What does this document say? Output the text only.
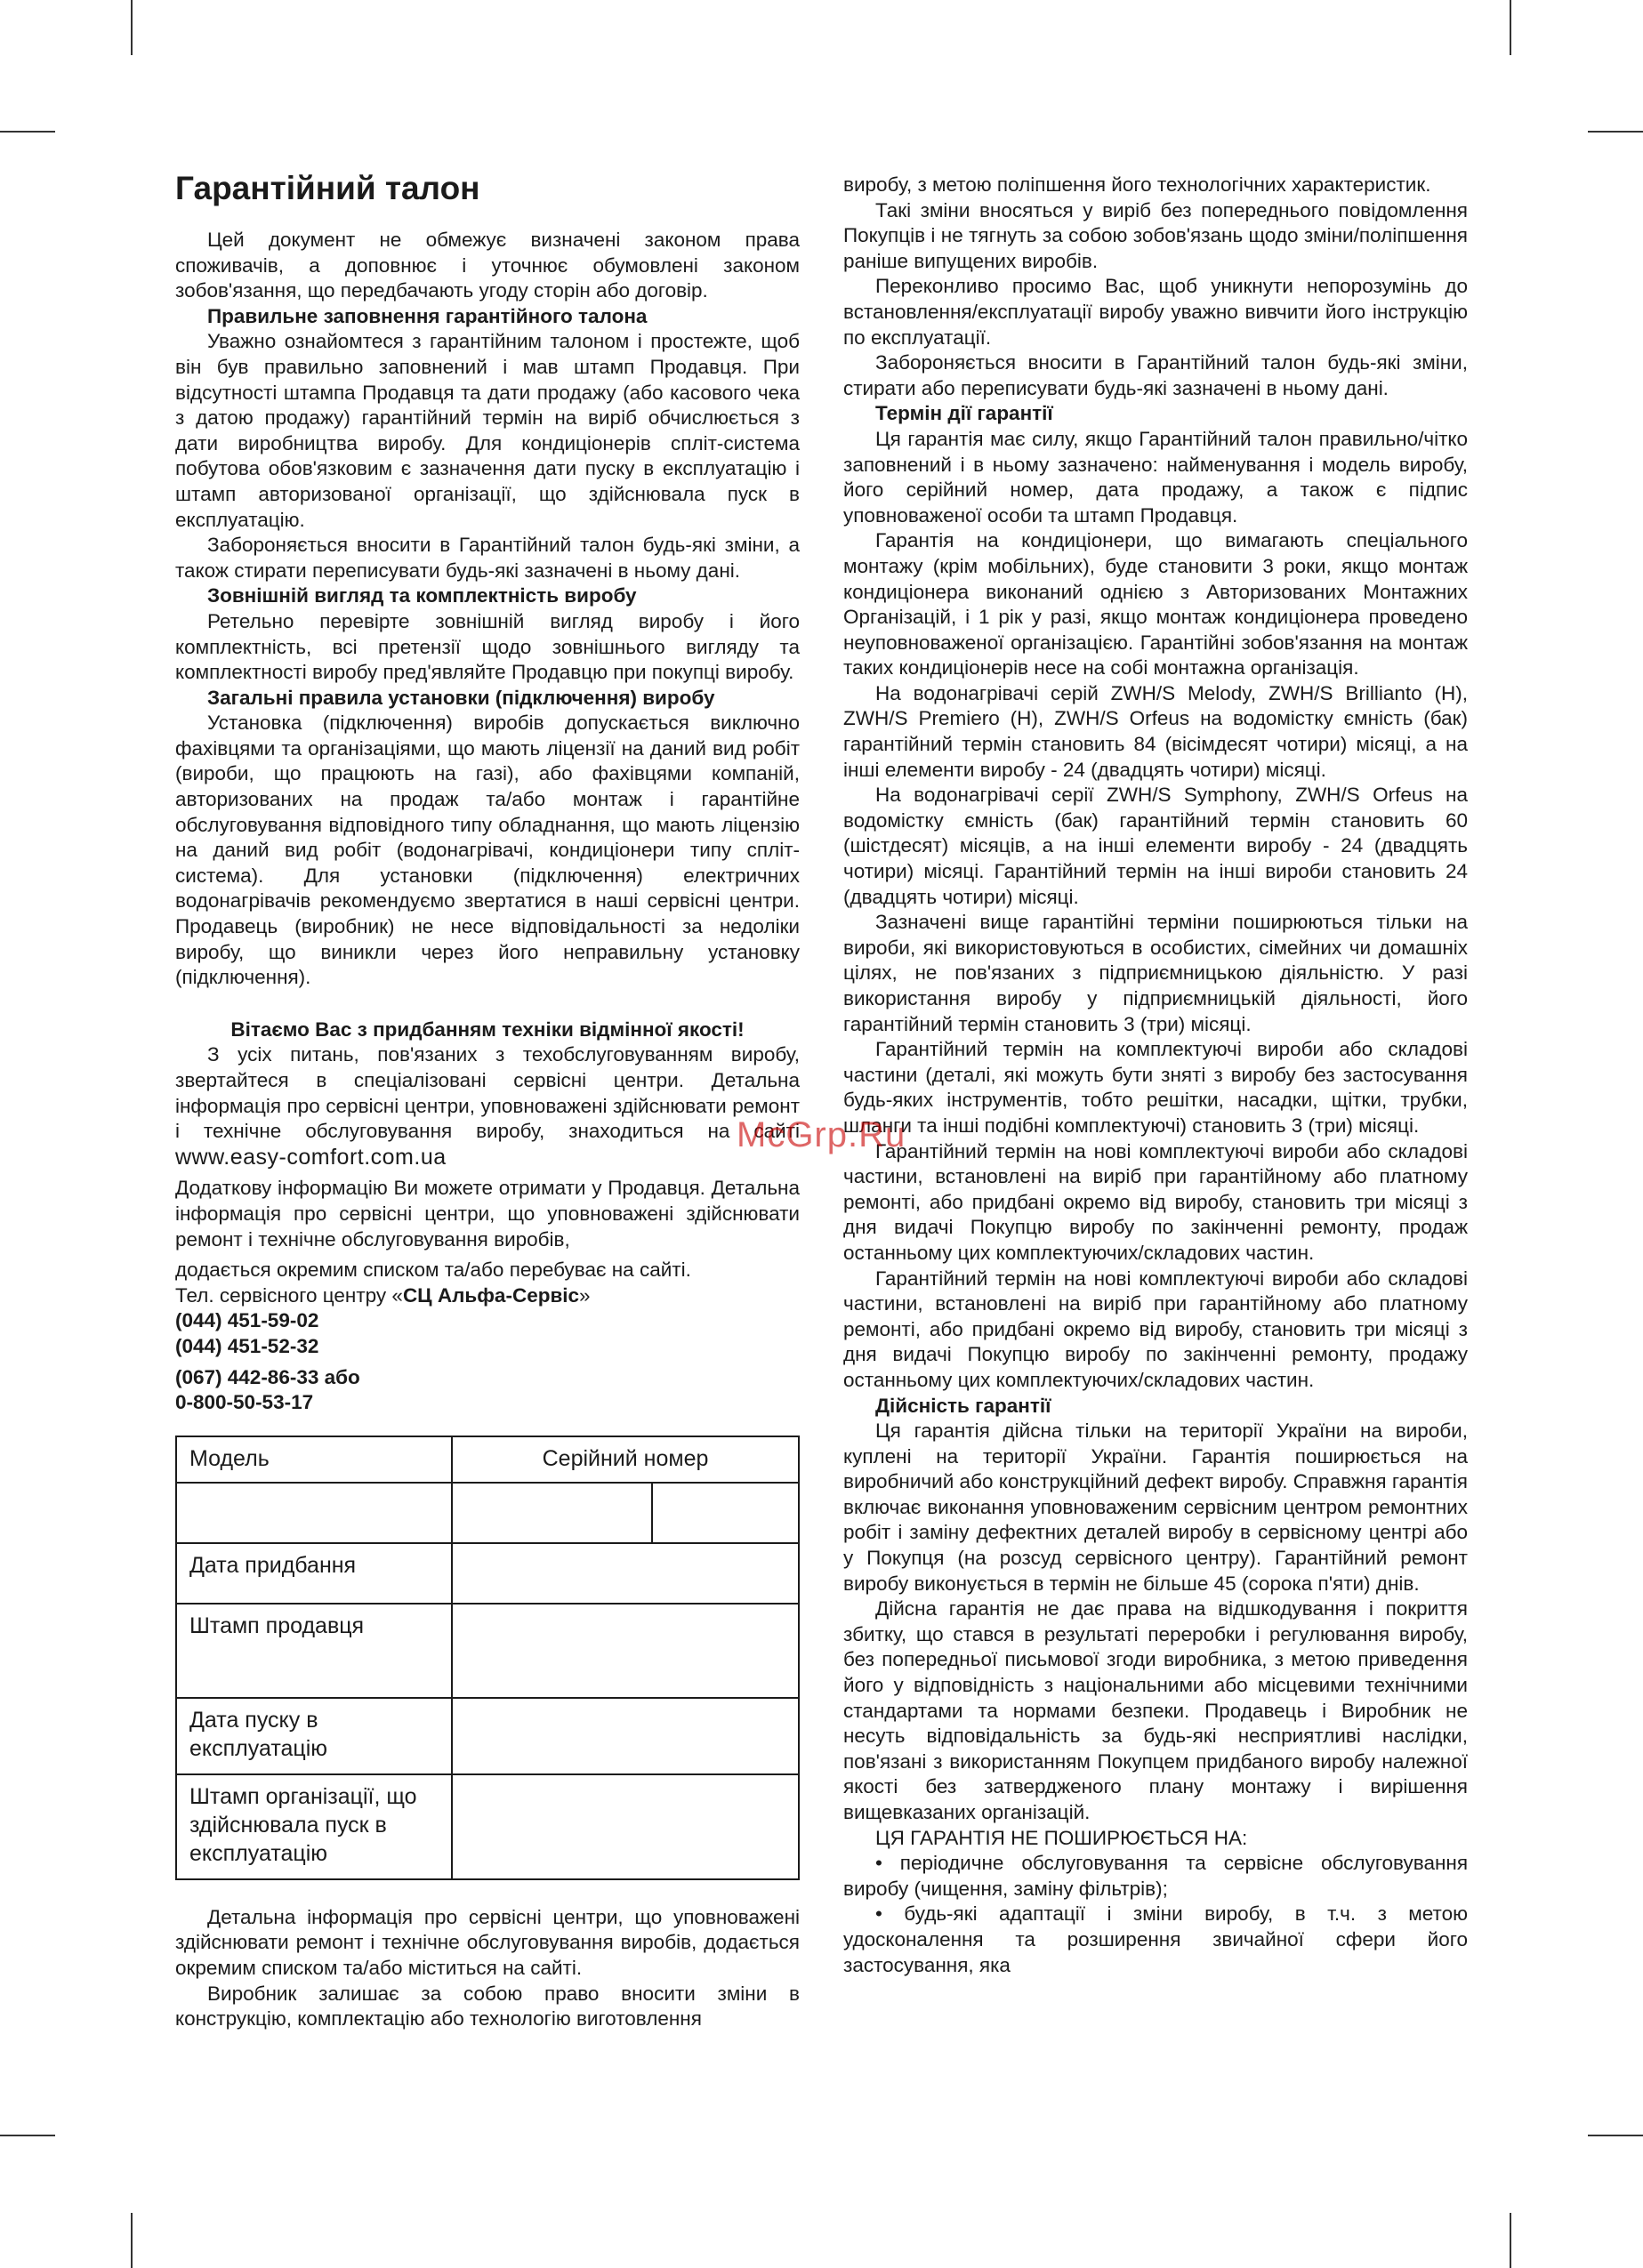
Гарантійний талон

Цей документ не обмежує визначені законом права споживачів, а доповнює і уточнює обумовлені законом зобов'язання, що передбачають угоду сторін або договір.

Правильне заповнення гарантійного талона

Уважно ознайомтеся з гарантійним талоном і простежте, щоб він був правильно заповнений і мав штамп Продавця. При відсутності штампа Продавця та дати продажу (або касового чека з датою продажу) гарантійний термін на виріб обчислюється з дати виробництва виробу. Для кондиціонерів спліт-система побутова обов'язковим є зазначення дати пуску в експлуатацію і штамп авторизованої організації, що здійснювала пуск в експлуатацію.

Забороняється вносити в Гарантійний талон будь-які зміни, а також стирати переписувати будь-які зазначені в ньому дані.

Зовнішній вигляд та комплектність виробу

Ретельно перевірте зовнішній вигляд виробу і його комплектність, всі претензії щодо зовнішнього вигляду та комплектності виробу пред'являйте Продавцю при покупці виробу.

Загальні правила установки (підключення) виробу

Установка (підключення) виробів допускається виключно фахівцями та організаціями, що мають ліцензії на даний вид робіт (вироби, що працюють на газі), або фахівцями компаній, авторизованих на продаж та/або монтаж і гарантійне обслуговування відповідного типу обладнання, що мають ліцензію на даний вид робіт (водонагрівачі, кондиціонери типу спліт-система). Для установки (підключення) електричних водонагрівачів рекомендуємо звертатися в наші сервісні центри. Продавець (виробник) не несе відповідальності за недоліки виробу, що виникли через його неправильну установку (підключення).

Вітаємо Вас з придбанням техніки відмінної якості!

З усіх питань, пов'язаних з техобслуговуванням виробу, звертайтеся в спеціалізовані сервісні центри. Детальна інформація про сервісні центри, уповноважені здійснювати ремонт і технічне обслуговування виробу, знаходиться на сайті www.easy-comfort.com.ua

Додаткову інформацію Ви можете отримати у Продавця. Детальна інформація про сервісні центри, що уповноважені здійснювати ремонт і технічне обслуговування виробів,

додається окремим списком та/або перебуває на сайті.

Тел. сервісного центру «СЦ Альфа-Сервіс»
(044) 451-59-02
(044) 451-52-32
(067) 442-86-33 або
0-800-50-53-17
Модель	Серійний номер	

Дата придбання		
Штамп продавця		
Дата пуску в експлуатацію		
Штамп організації, що здійснювала пуск в експлуатацію		

Детальна інформація про сервісні центри, що уповноважені здійснювати ремонт і технічне обслуговування виробів, додається окремим списком та/або міститься на сайті.

Виробник залишає за собою право вносити зміни в конструкцію, комплектацію або технологію виготовлення

виробу, з метою поліпшення його технологічних характеристик.

Такі зміни вносяться у виріб без попереднього повідомлення Покупців і не тягнуть за собою зобов'язань щодо зміни/поліпшення раніше випущених виробів.

Переконливо просимо Вас, щоб уникнути непорозумінь до встановлення/експлуатації виробу уважно вивчити його інструкцію по експлуатації.

Забороняється вносити в Гарантійний талон будь-які зміни, стирати або переписувати будь-які зазначені в ньому дані.

Термін дії гарантії

Ця гарантія має силу, якщо Гарантійний талон правильно/чітко заповнений і в ньому зазначено: найменування і модель виробу, його серійний номер, дата продажу, а також є підпис уповноваженої особи та штамп Продавця.

Гарантія на кондиціонери, що вимагають спеціального монтажу (крім мобільних), буде становити 3 роки, якщо монтаж кондиціонера виконаний однією з Авторизованих Монтажних Організацій, і 1 рік у разі, якщо монтаж кондиціонера проведено неуповноваженої організацією. Гарантійні зобов'язання на монтаж таких кондиціонерів несе на собі монтажна організація.

На водонагрівачі серій ZWH/S Melody, ZWH/S Brillianto (H), ZWH/S Premiero (H), ZWH/S Orfeus на водомістку ємність (бак) гарантійний термін становить 84 (вісімдесят чотири) місяці, а на інші елементи виробу - 24 (двадцять чотири) місяці.

На водонагрівачі серії ZWH/S Symphony, ZWH/S Orfeus на водомістку ємність (бак) гарантійний термін становить 60 (шістдесят) місяців, а на інші елементи виробу - 24 (двадцять чотири) місяці. Гарантійний термін на інші вироби становить 24 (двадцять чотири) місяці.

Зазначені вище гарантійні терміни поширюються тільки на вироби, які використовуються в особистих, сімейних чи домашніх цілях, не пов'язаних з підприємницькою діяльністю. У разі використання виробу у підприємницькій діяльності, його гарантійний термін становить 3 (три) місяці.

Гарантійний термін на комплектуючі вироби або складові частини (деталі, які можуть бути зняті з виробу без застосування будь-яких інструментів, тобто решітки, насадки, щітки, трубки, шланги та інші подібні комплектуючі) становить 3 (три) місяці.

Гарантійний термін на нові комплектуючі вироби або складові частини, встановлені на виріб при гарантійному або платному ремонті, або придбані окремо від виробу, становить три місяці з дня видачі Покупцю виробу по закінченні ремонту, продаж останньому цих комплектуючих/складових частин.

Гарантійний термін на нові комплектуючі вироби або складові частини, встановлені на виріб при гарантійному або платному ремонті, або придбані окремо від виробу, становить три місяці з дня видачі Покупцю виробу по закінченні ремонту, продажу останньому цих комплектуючих/складових частин.

Дійсність гарантії

Ця гарантія дійсна тільки на території України на вироби, куплені на території України. Гарантія поширюється на виробничий або конструкційний дефект виробу. Справжня гарантія включає виконання уповноваженим сервісним центром ремонтних робіт і заміну дефектних деталей виробу в сервісному центрі або у Покупця (на розсуд сервісного центру). Гарантійний ремонт виробу виконується в термін не більше 45 (сорока п'яти) днів.

Дійсна гарантія не дає права на відшкодування і покриття збитку, що стався в результаті переробки і регулювання виробу, без попередньої письмової згоди виробника, з метою приведення його у відповідність з національними або місцевими технічними стандартами та нормами безпеки. Продавець і Виробник не несуть відповідальність за будь-які несприятливі наслідки, пов'язані з використанням Покупцем придбаного виробу належної якості без затвердженого плану монтажу і вирішення вищевказаних організацій.

ЦЯ ГАРАНТІЯ НЕ ПОШИРЮЄТЬСЯ НА:

• періодичне обслуговування та сервісне обслуговування виробу (чищення, заміну фільтрів);

• будь-які адаптації і зміни виробу, в т.ч. з метою удосконалення та розширення звичайної сфери його застосування, яка

McGrp.Ru
